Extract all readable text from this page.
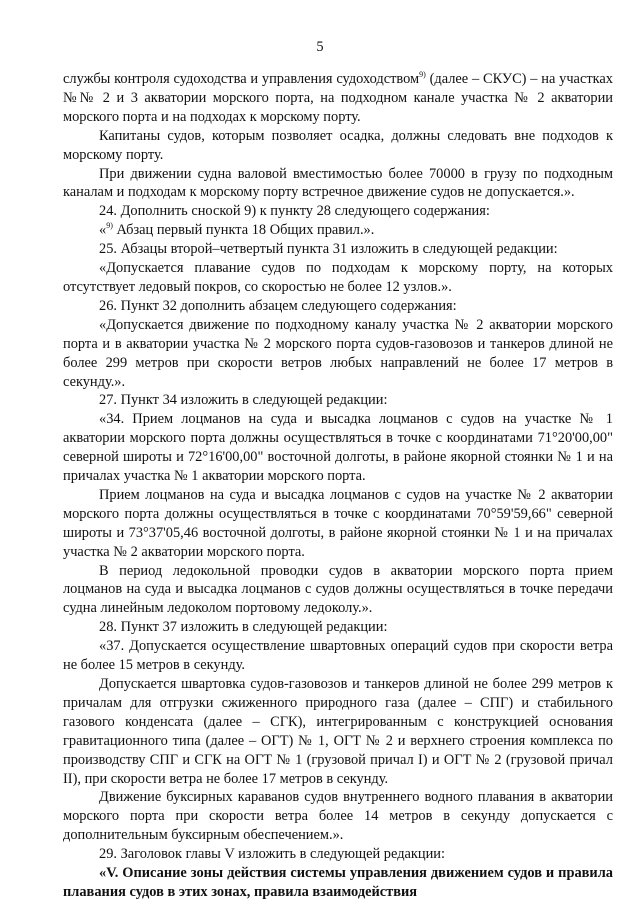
5

службы контроля судоходства и управления судоходством$^{9)}$ (далее – СКУС) – на участках №№ 2 и 3 акватории морского порта, на подходном канале участка № 2 акватории морского порта и на подходах к морскому порту.

Капитаны судов, которым позволяет осадка, должны следовать вне подходов к морскому порту.

При движении судна валовой вместимостью более 70000 в грузу по подходным каналам и подходам к морскому порту встречное движение судов не допускается.».

24. Дополнить сноской 9) к пункту 28 следующего содержания:

«$^{9)}$ Абзац первый пункта 18 Общих правил.».

25. Абзацы второй–четвертый пункта 31 изложить в следующей редакции:

«Допускается плавание судов по подходам к морскому порту, на которых отсутствует ледовый покров, со скоростью не более 12 узлов.».

26. Пункт 32 дополнить абзацем следующего содержания:

«Допускается движение по подходному каналу участка № 2 акватории морского порта и в акватории участка № 2 морского порта судов-газовозов и танкеров длиной не более 299 метров при скорости ветров любых направлений не более 17 метров в секунду.».

27. Пункт 34 изложить в следующей редакции:

«34. Прием лоцманов на суда и высадка лоцманов с судов на участке № 1 акватории морского порта должны осуществляться в точке с координатами 71°20'00,00" северной широты и 72°16'00,00" восточной долготы, в районе якорной стоянки № 1 и на причалах участка № 1 акватории морского порта.

Прием лоцманов на суда и высадка лоцманов с судов на участке № 2 акватории морского порта должны осуществляться в точке с координатами 70°59'59,66" северной широты и 73°37'05,46 восточной долготы, в районе якорной стоянки № 1 и на причалах участка № 2 акватории морского порта.

В период ледокольной проводки судов в акватории морского порта прием лоцманов на суда и высадка лоцманов с судов должны осуществляться в точке передачи судна линейным ледоколом портовому ледоколу.».

28. Пункт 37 изложить в следующей редакции:

«37. Допускается осуществление швартовных операций судов при скорости ветра не более 15 метров в секунду.

Допускается швартовка судов-газовозов и танкеров длиной не более 299 метров к причалам для отгрузки сжиженного природного газа (далее – СПГ) и стабильного газового конденсата (далее – СГК), интегрированным с конструкцией основания гравитационного типа (далее – ОГТ) № 1, ОГТ № 2 и верхнего строения комплекса по производству СПГ и СГК на ОГТ № 1 (грузовой причал I) и ОГТ № 2 (грузовой причал II), при скорости ветра не более 17 метров в секунду.

Движение буксирных караванов судов внутреннего водного плавания в акватории морского порта при скорости ветра более 14 метров в секунду допускается с дополнительным буксирным обеспечением.».

29. Заголовок главы V изложить в следующей редакции:

«V. Описание зоны действия системы управления движением судов и правила плавания судов в этих зонах, правила взаимодействия
